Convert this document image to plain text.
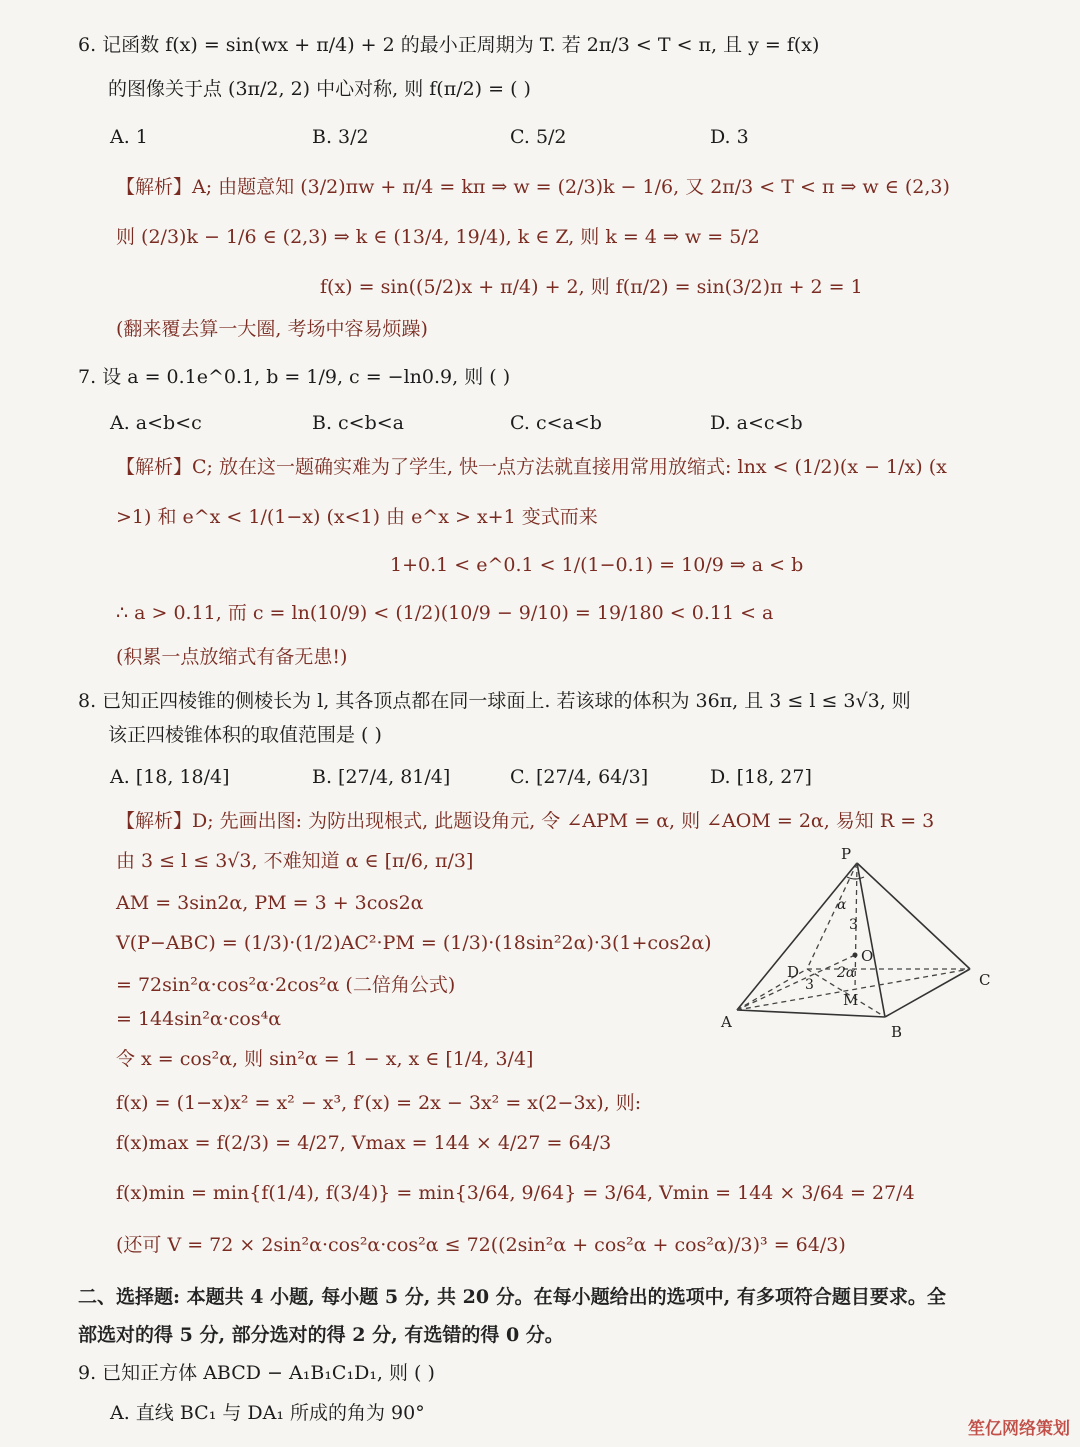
6. 记函数 f(x) = sin(wx + π/4) + 2 的最小正周期为 T. 若 2π/3 < T < π, 且 y = f(x)
的图像关于点 (3π/2, 2) 中心对称, 则 f(π/2) = ( )
A. 1	B. 3/2	C. 5/2	D. 3
【解析】A; 由题意知 (3/2)πw + π/4 = kπ ⇒ w = (2/3)k − 1/6, 又 2π/3 < T < π ⇒ w ∈ (2,3)
则 (2/3)k − 1/6 ∈ (2,3) ⇒ k ∈ (13/4, 19/4), k ∈ Z, 则 k = 4 ⇒ w = 5/2
f(x) = sin((5/2)x + π/4) + 2, 则 f(π/2) = sin(3/2)π + 2 = 1
(翻来覆去算一大圈, 考场中容易烦躁)
7. 设 a = 0.1e^0.1, b = 1/9, c = −ln0.9, 则 ( )
A. a<b<c	B. c<b<a	C. c<a<b	D. a<c<b
【解析】C; 放在这一题确实难为了学生, 快一点方法就直接用常用放缩式: lnx < (1/2)(x − 1/x) (x
>1) 和 e^x < 1/(1−x) (x<1) 由 e^x > x+1 变式而来
1+0.1 < e^0.1 < 1/(1−0.1) = 10/9 ⇒ a < b
∴ a > 0.11, 而 c = ln(10/9) < (1/2)(10/9 − 9/10) = 19/180 < 0.11 < a
(积累一点放缩式有备无患!)
8. 已知正四棱锥的侧棱长为 l, 其各顶点都在同一球面上. 若该球的体积为 36π, 且 3 ≤ l ≤ 3√3, 则
该正四棱锥体积的取值范围是 ( )
A. [18, 18/4]	B. [27/4, 81/4]	C. [27/4, 64/3]	D. [18, 27]
【解析】D; 先画出图: 为防出现根式, 此题设角元, 令 ∠APM = α, 则 ∠AOM = 2α, 易知 R = 3
由 3 ≤ l ≤ 3√3, 不难知道 α ∈ [π/6, π/3]
AM = 3sin2α, PM = 3 + 3cos2α
V(P−ABC) = (1/3)·(1/2)AC²·PM = (1/3)·(18sin²2α)·3(1+cos2α)
= 72sin²α·cos²α·2cos²α (二倍角公式)
= 144sin²α·cos⁴α
令 x = cos²α, 则 sin²α = 1 − x, x ∈ [1/4, 3/4]
f(x) = (1−x)x² = x² − x³, f′(x) = 2x − 3x² = x(2−3x), 则:
f(x)max = f(2/3) = 4/27, Vmax = 144 × 4/27 = 64/3
f(x)min = min{f(1/4), f(3/4)} = min{3/64, 9/64} = 3/64, Vmin = 144 × 3/64 = 27/4
(还可 V = 72 × 2sin²α·cos²α·cos²α ≤ 72((2sin²α + cos²α + cos²α)/3)³ = 64/3)
P
A
B
C
D
O
M
α
3
2α
3
二、选择题: 本题共 4 小题, 每小题 5 分, 共 20 分。在每小题给出的选项中, 有多项符合题目要求。全
部选对的得 5 分, 部分选对的得 2 分, 有选错的得 0 分。
9. 已知正方体 ABCD − A₁B₁C₁D₁, 则 ( )
A. 直线 BC₁ 与 DA₁ 所成的角为 90°
笙亿网络策划
